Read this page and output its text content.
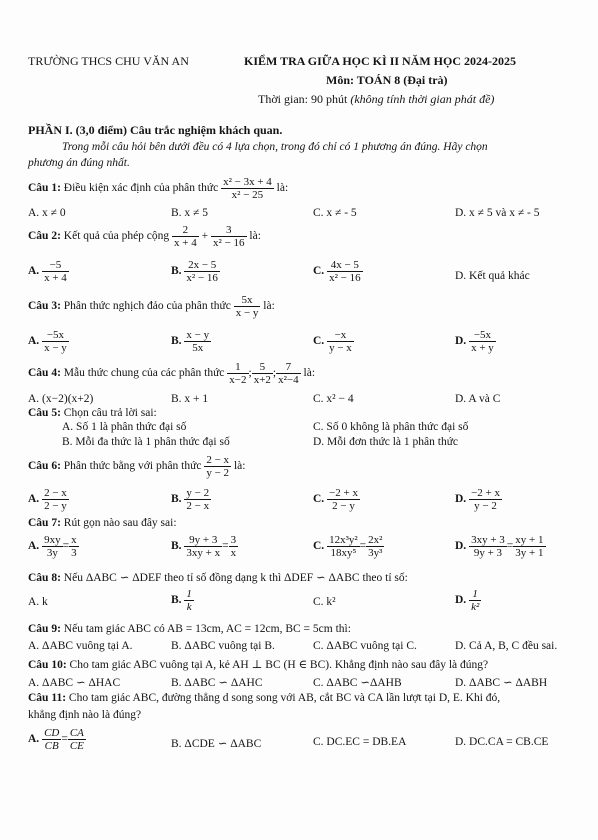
TRƯỜNG THCS CHU VĂN AN	KIỂM TRA GIỮA HỌC KÌ II NĂM HỌC 2024-2025
Môn: TOÁN 8 (Đại trà)
Thời gian: 90 phút (không tính thời gian phát đề)
PHẦN I. (3,0 điểm) Câu trắc nghiệm khách quan.
Trong mỗi câu hỏi bên dưới đều có 4 lựa chọn, trong đó chỉ có 1 phương án đúng. Hãy chọn
phương án đúng nhất.
Câu 1: Điều kiện xác định của phân thức $\frac{\text{x² − 3x + 4}}{\text{x² − 25}}$ là:
A. x ≠ 0	B. x ≠ 5	C. x ≠ - 5	D. x ≠ 5 và x ≠ - 5
Câu 2: Kết quả của phép cộng $\frac{2}{x + 4} + \frac{3}{\text{x² − 16}}$ là:
A. $\frac{-5}{x + 4}$	B. $\frac{2x - 5}{\text{x² − 16}}$	C. $\frac{4x - 5}{\text{x² − 16}}$	D. Kết quả khác
Câu 3: Phân thức nghịch đảo của phân thức $\frac{5x}{x - y}$ là:
A. $\frac{-5x}{x - y}$	B. $\frac{x - y}{5x}$	C. $\frac{-x}{y - x}$	D. $\frac{-5x}{x + y}$
Câu 4: Mẫu thức chung của các phân thức $\frac{1}{x-2}$ ; $\frac{5}{x+2}$ ; $\frac{7}{\text{x²−4}}$ là:
A. (x−2)(x+2)	B. x + 1	C. x² − 4	D. A và C
Câu 5: Chọn câu trả lời sai:
A. Số 1 là phân thức đại số	C. Số 0 không là phân thức đại số
B. Mỗi đa thức là 1 phân thức đại số	D. Mỗi đơn thức là 1 phân thức
Câu 6: Phân thức bằng với phân thức $\frac{2 - x}{y - 2}$ là:
A. $\frac{2 - x}{2 - y}$	B. $\frac{y - 2}{2 - x}$	C. $\frac{-2 + x}{2 - y}$	D. $\frac{-2 + x}{y - 2}$
Câu 7: Rút gọn nào sau đây sai:
A. $\frac{9xy}{3y} = \frac{x}{3}$	B. $\frac{9y + 3}{3xy + x} = \frac{3}{x}$	C. $\frac{\text{12x³y²}}{\text{18xy⁵}} = \frac{\text{2x²}}{\text{3y³}}$	D. $\frac{3xy + 3}{9y + 3} = \frac{xy + 1}{3y + 1}$
Câu 8: Nếu ΔABC ∽ ΔDEF theo tỉ số đồng dạng k thì ΔDEF ∽ ΔABC theo tỉ số:
A. k	B. $\frac{1}{k}$	C. k²	D. $\frac{1}{\text{k²}}$
Câu 9: Nếu tam giác ABC có AB = 13cm, AC = 12cm, BC = 5cm thì:
A. ΔABC vuông tại A.	B. ΔABC vuông tại B.	C. ΔABC vuông tại C.	D. Cả A, B, C đều sai.
Câu 10: Cho tam giác ABC vuông tại A, kẻ AH ⊥ BC (H ∈ BC). Khẳng định nào sau đây là đúng?
A. ΔABC ∽ ΔHAC	B. ΔABC ∽ ΔAHC	C. ΔABC ∽ΔAHB	D. ΔABC ∽ ΔABH
Câu 11: Cho tam giác ABC, đường thẳng d song song với AB, cắt BC và CA lần lượt tại D, E. Khi đó,
khẳng định nào là đúng?
A. $\frac{CD}{CB} = \frac{CA}{CE}$	B. ΔCDE ∽ ΔABC	C. DC.EC = DB.EA	D. DC.CA = CB.CE
